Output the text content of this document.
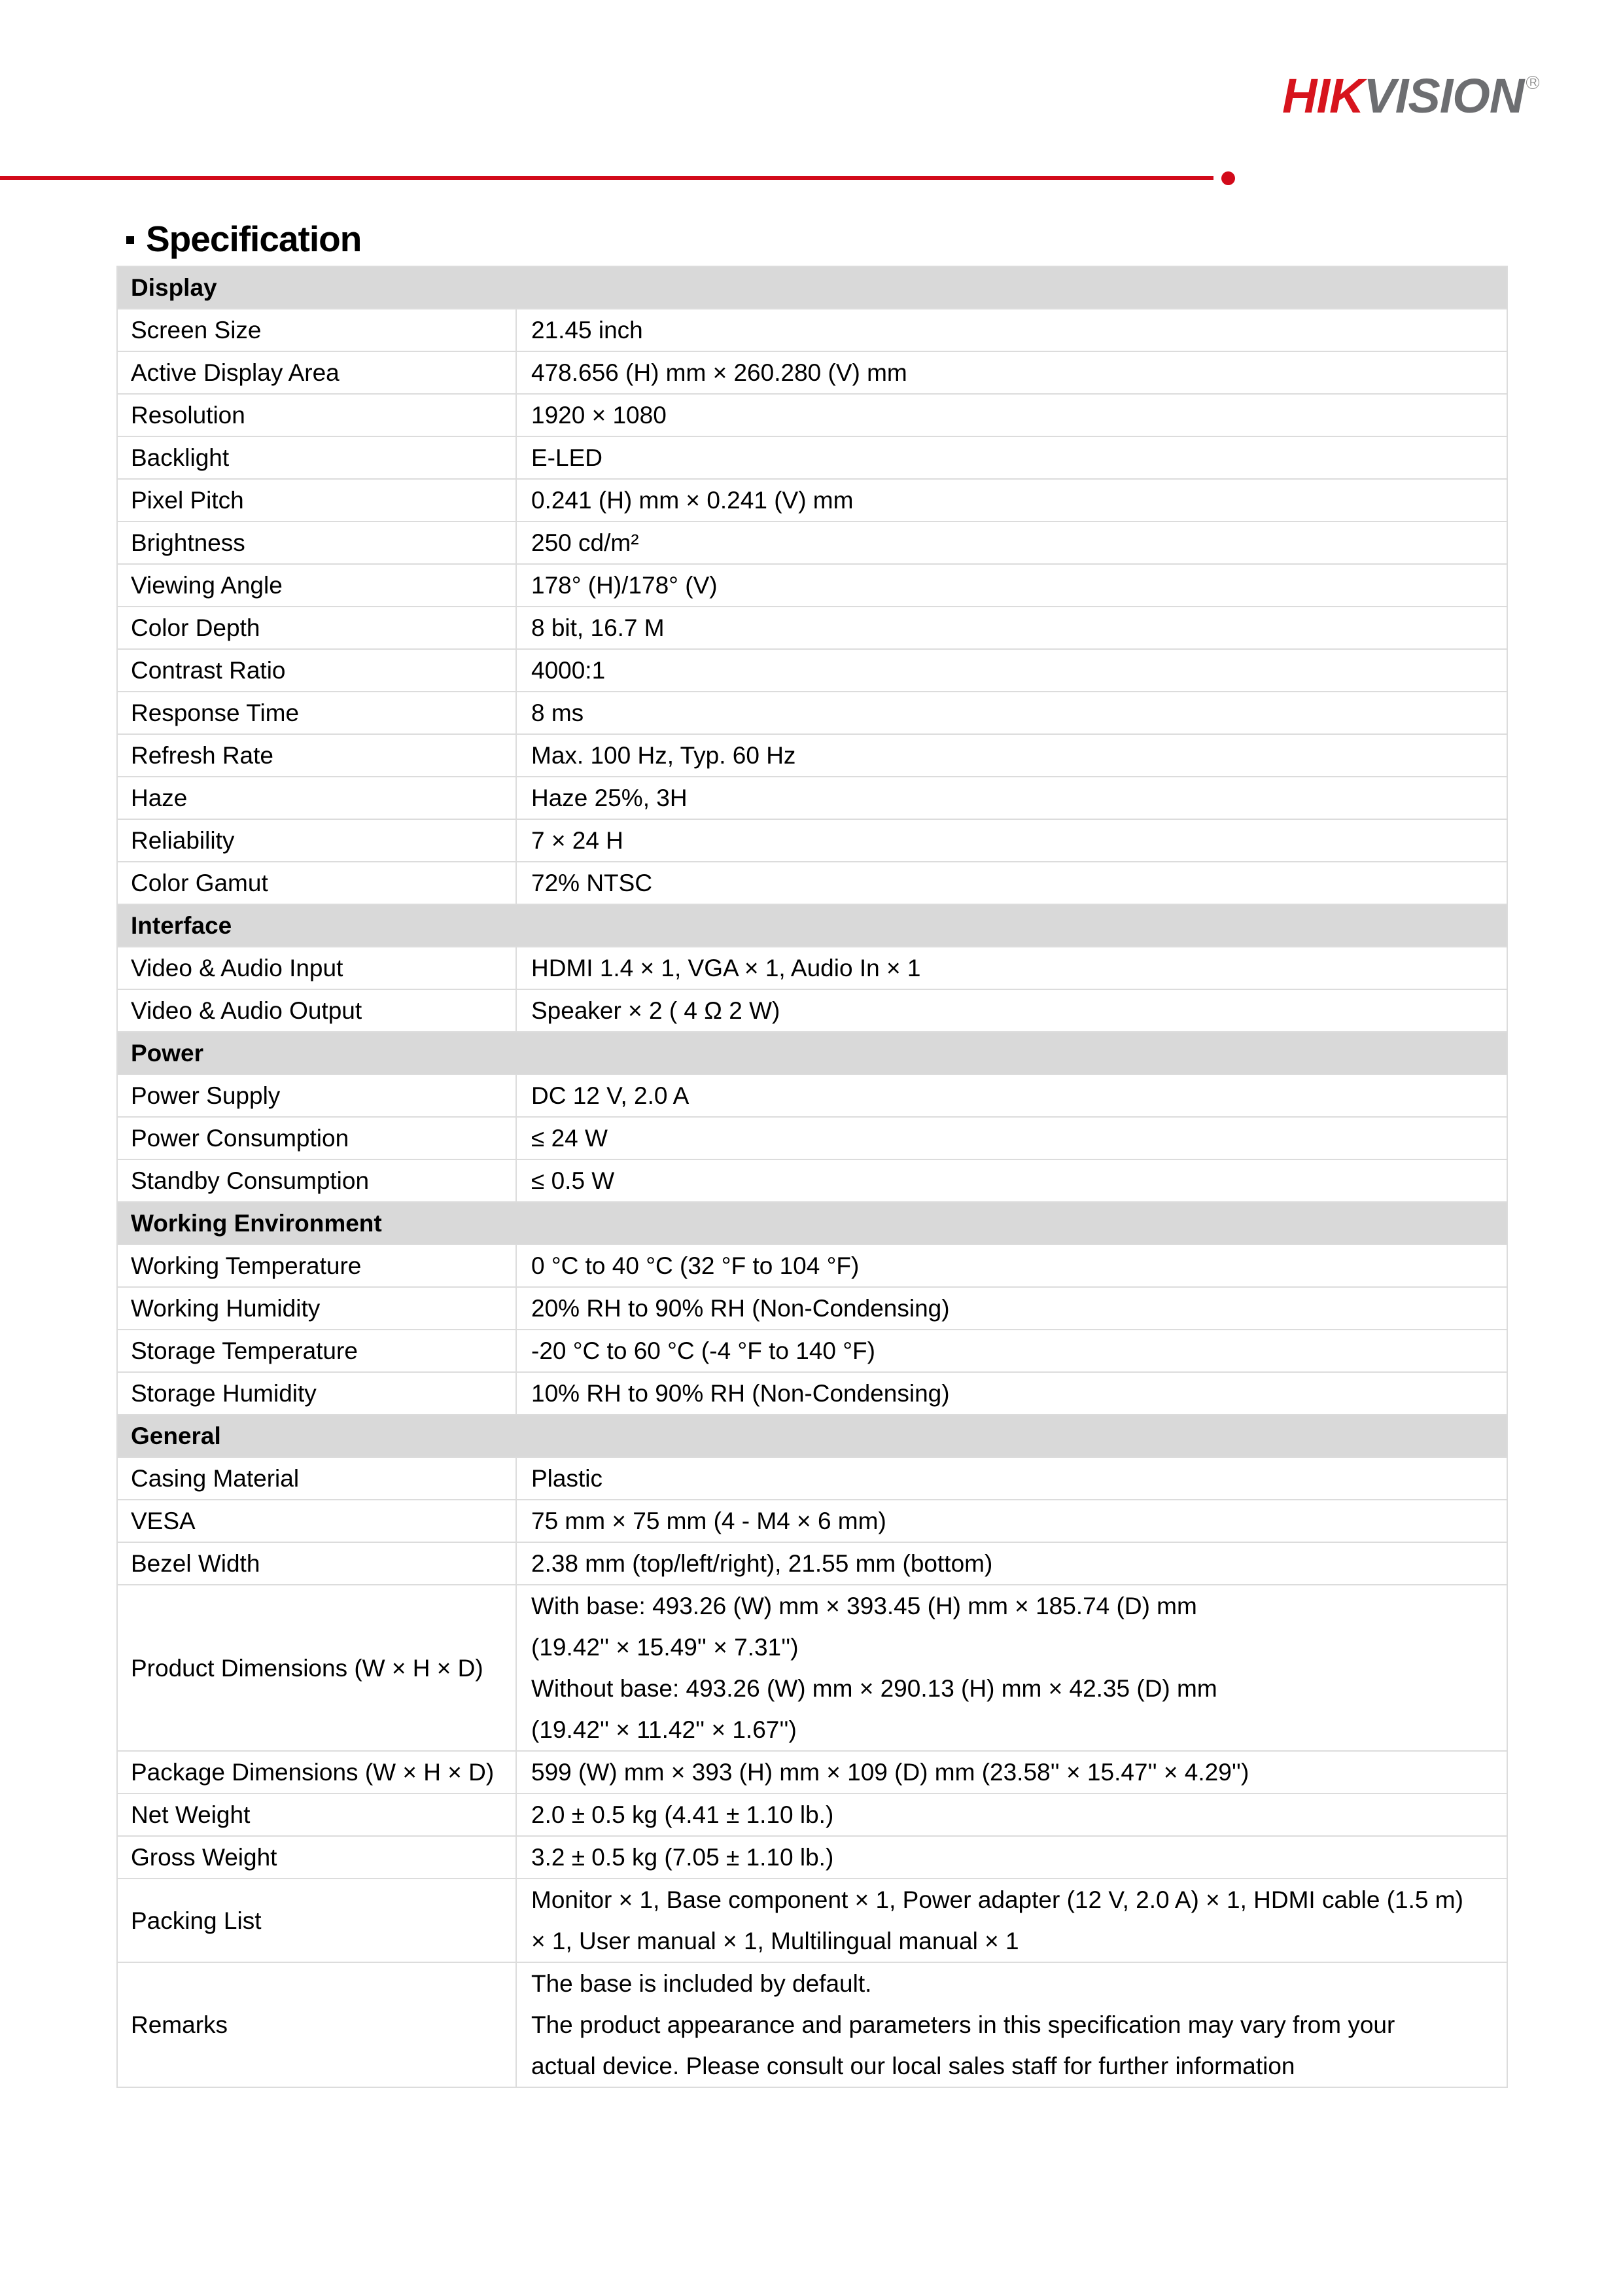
HIK VISION R
Specification
Display	
Screen Size	21.45 inch

Active Display Area	478.656 (H) mm × 260.280 (V) mm

Resolution	1920 × 1080

Backlight	E-LED

Pixel Pitch	0.241 (H) mm × 0.241 (V) mm

Brightness	250 cd/m²

Viewing Angle	178° (H)/178° (V)

Color Depth	8 bit, 16.7 M

Contrast Ratio	4000:1

Response Time	8 ms

Refresh Rate	Max. 100 Hz, Typ. 60 Hz

Haze	Haze 25%, 3H

Reliability	7 × 24 H

Color Gamut	72% NTSC

Interface	
Video & Audio Input	HDMI 1.4 × 1, VGA × 1, Audio In × 1

Video & Audio Output	Speaker × 2 ( 4 Ω 2 W)

Power	
Power Supply	DC 12 V, 2.0 A

Power Consumption	≤ 24 W

Standby Consumption	≤ 0.5 W

Working Environment	
Working Temperature	0 °C to 40 °C (32 °F to 104 °F)

Working Humidity	20% RH to 90% RH (Non-Condensing)

Storage Temperature	-20 °C to 60 °C (-4 °F to 140 °F)

Storage Humidity	10% RH to 90% RH (Non-Condensing)

General	
Casing Material	Plastic

VESA	75 mm × 75 mm (4 - M4 × 6 mm)

Bezel Width	2.38 mm (top/left/right), 21.55 mm (bottom)

Product Dimensions (W × H × D)	With base: 493.26 (W) mm × 393.45 (H) mm × 185.74 (D) mm
(19.42'' × 15.49'' × 7.31'')
Without base: 493.26 (W) mm × 290.13 (H) mm × 42.35 (D) mm
(19.42'' × 11.42'' × 1.67'')

Package Dimensions (W × H × D)	599 (W) mm × 393 (H) mm × 109 (D) mm (23.58'' × 15.47'' × 4.29'')

Net Weight	2.0 ± 0.5 kg (4.41 ± 1.10 lb.)

Gross Weight	3.2 ± 0.5 kg (7.05 ± 1.10 lb.)

Packing List	Monitor × 1, Base component × 1, Power adapter (12 V, 2.0 A) × 1, HDMI cable (1.5 m)
× 1, User manual × 1, Multilingual manual × 1

Remarks	The base is included by default.
The product appearance and parameters in this specification may vary from your
actual device. Please consult our local sales staff for further information
